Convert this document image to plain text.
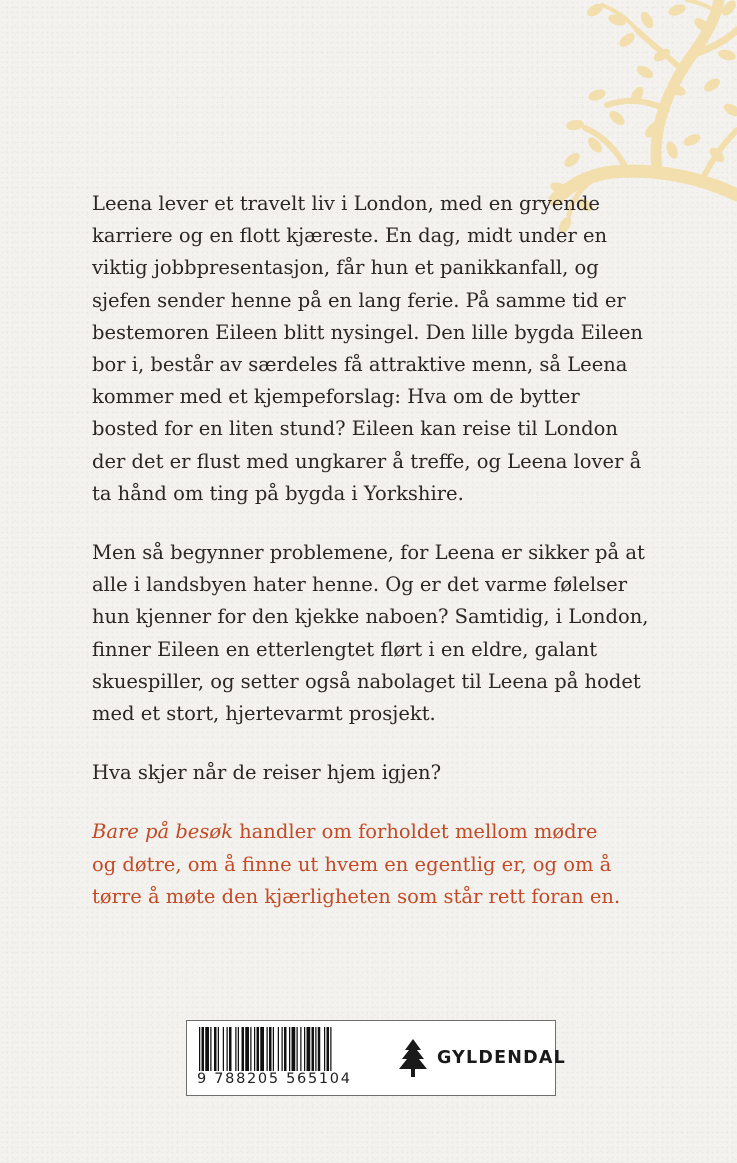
Leena lever et travelt liv i London, med en gryende
karriere og en flott kjæreste. En dag, midt under en
viktig jobbpresentasjon, får hun et panikkanfall, og
sjefen sender henne på en lang ferie. På samme tid er
bestemoren Eileen blitt nysingel. Den lille bygda Eileen
bor i, består av særdeles få attraktive menn, så Leena
kommer med et kjempeforslag: Hva om de bytter
bosted for en liten stund? Eileen kan reise til London
der det er flust med ungkarer å treffe, og Leena lover å
ta hånd om ting på bygda i Yorkshire.

Men så begynner problemene, for Leena er sikker på at
alle i landsbyen hater henne. Og er det varme følelser
hun kjenner for den kjekke naboen? Samtidig, i London,
finner Eileen en etterlengtet flørt i en eldre, galant
skuespiller, og setter også nabolaget til Leena på hodet
med et stort, hjertevarmt prosjekt.

Hva skjer når de reiser hjem igjen?

Bare på besøk handler om forholdet mellom mødre
og døtre, om å finne ut hvem en egentlig er, og om å
tørre å møte den kjærligheten som står rett foran en.

9 788205 565104
GYLDENDAL
